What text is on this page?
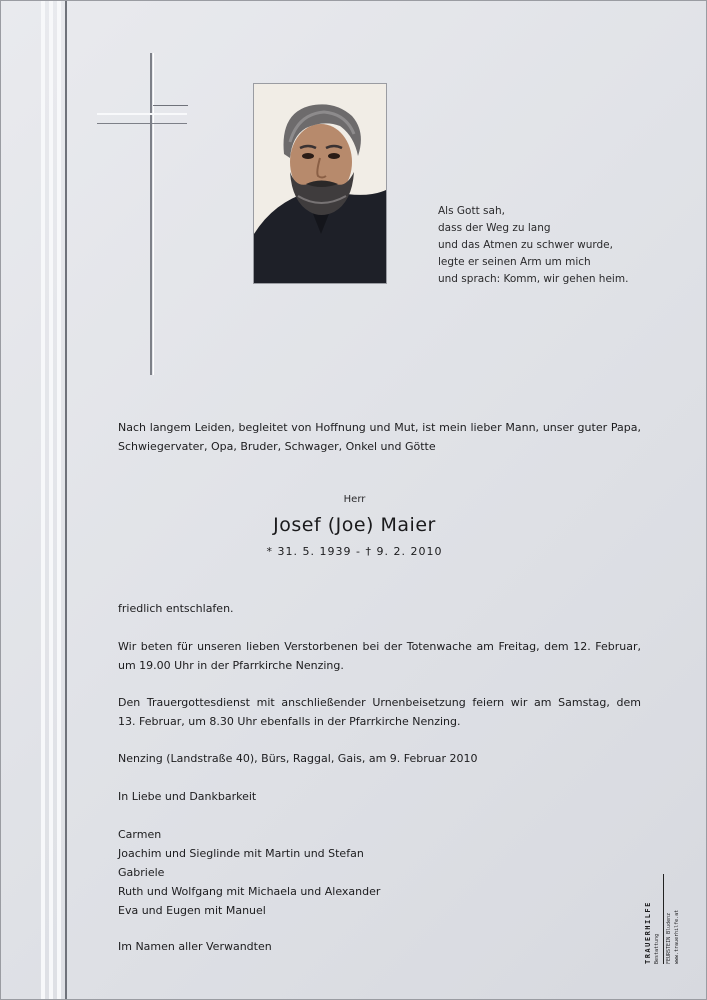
Als Gott sah,
dass der Weg zu lang
und das Atmen zu schwer wurde,
legte er seinen Arm um mich
und sprach: Komm, wir gehen heim.
Nach langem Leiden, begleitet von Hoffnung und Mut, ist mein lieber Mann, unser guter Papa, Schwiegervater, Opa, Bruder, Schwager, Onkel und Götte
Herr
Josef (Joe) Maier
* 31. 5. 1939 - † 9. 2. 2010
friedlich entschlafen.
Wir beten für unseren lieben Verstorbenen bei der Totenwache am Freitag, dem 12. Februar,
um 19.00 Uhr in der Pfarrkirche Nenzing.
Den Trauergottesdienst mit anschließender Urnenbeisetzung feiern wir am Samstag, dem
13. Februar, um 8.30 Uhr ebenfalls in der Pfarrkirche Nenzing.
Nenzing (Landstraße 40), Bürs, Raggal, Gais, am 9. Februar 2010
In Liebe und Dankbarkeit
Carmen
Joachim und Sieglinde mit Martin und Stefan
Gabriele
Ruth und Wolfgang mit Michaela und Alexander
Eva und Eugen mit Manuel
Im Namen aller Verwandten	TRAUERHILFE Bestattung FEURSTEIN Bludenz www.trauerhilfe.at
